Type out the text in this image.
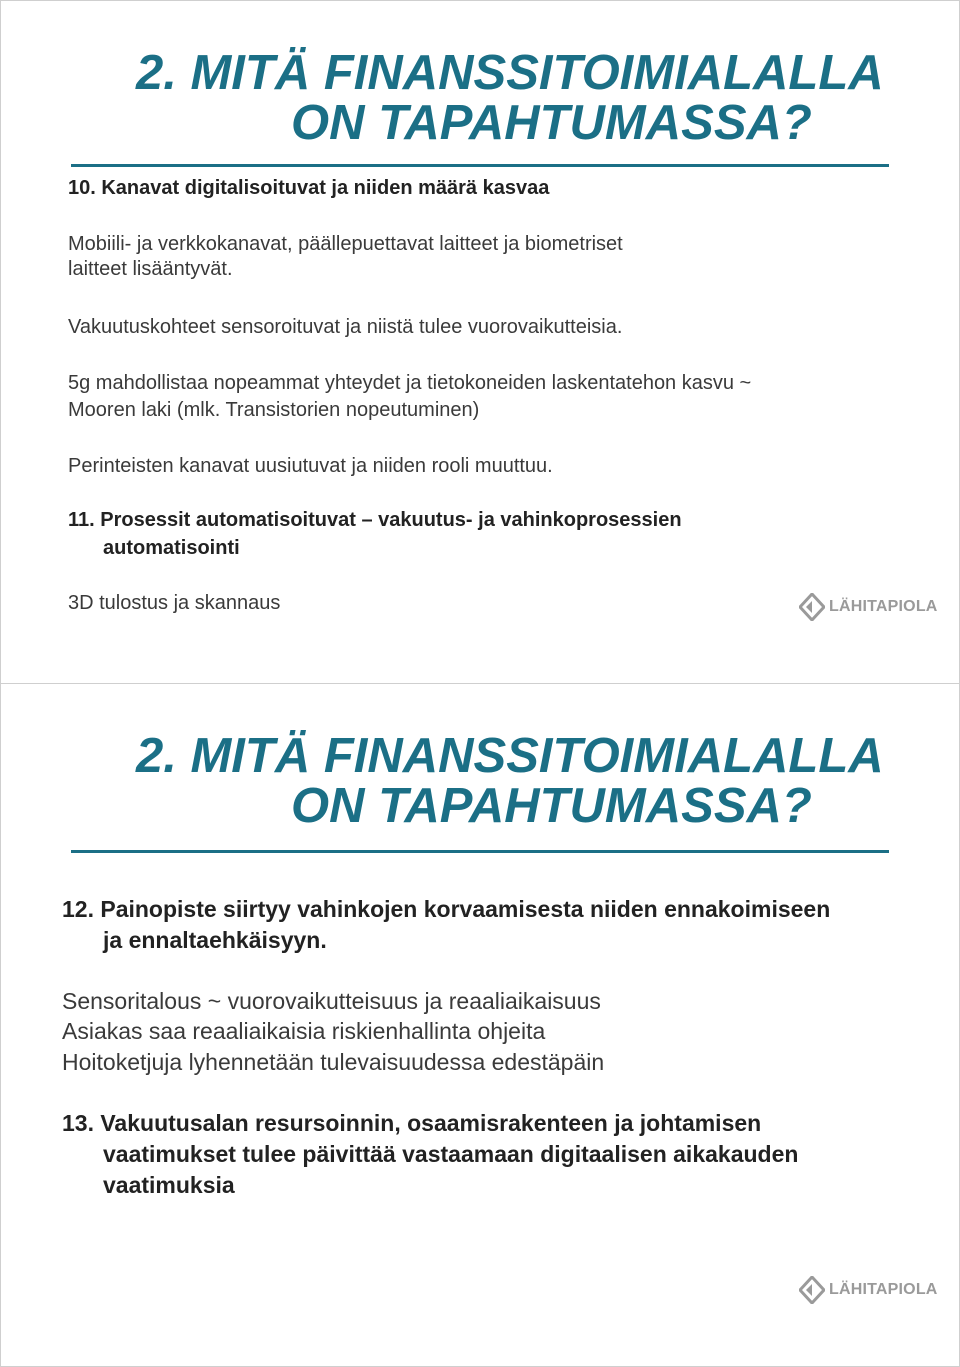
2. MITÄ FINANSSITOIMIALALLA
ON TAPAHTUMASSA?

10. Kanavat digitalisoituvat ja niiden määrä kasvaa

Mobiili- ja verkkokanavat, päällepuettavat laitteet ja biometriset

laitteet lisääntyvät.

Vakuutuskohteet sensoroituvat ja niistä tulee vuorovaikutteisia.

5g mahdollistaa nopeammat yhteydet ja tietokoneiden laskentatehon kasvu ~

Mooren laki (mlk. Transistorien nopeutuminen)

Perinteisten kanavat uusiutuvat ja niiden rooli muuttuu.

11. Prosessit automatisoituvat – vakuutus- ja vahinkoprosessien

automatisointi

3D tulostus ja skannaus	LÄHITAPIOLA
2. MITÄ FINANSSITOIMIALALLA
ON TAPAHTUMASSA?

12. Painopiste siirtyy vahinkojen korvaamisesta niiden ennakoimiseen

ja ennaltaehkäisyyn.

Sensoritalous ~ vuorovaikutteisuus ja reaaliaikaisuus

Asiakas saa reaaliaikaisia riskienhallinta ohjeita

Hoitoketjuja lyhennetään tulevaisuudessa edestäpäin

13. Vakuutusalan resursoinnin, osaamisrakenteen ja johtamisen

vaatimukset tulee päivittää vastaamaan digitaalisen aikakauden

vaatimuksia

LÄHITAPIOLA
